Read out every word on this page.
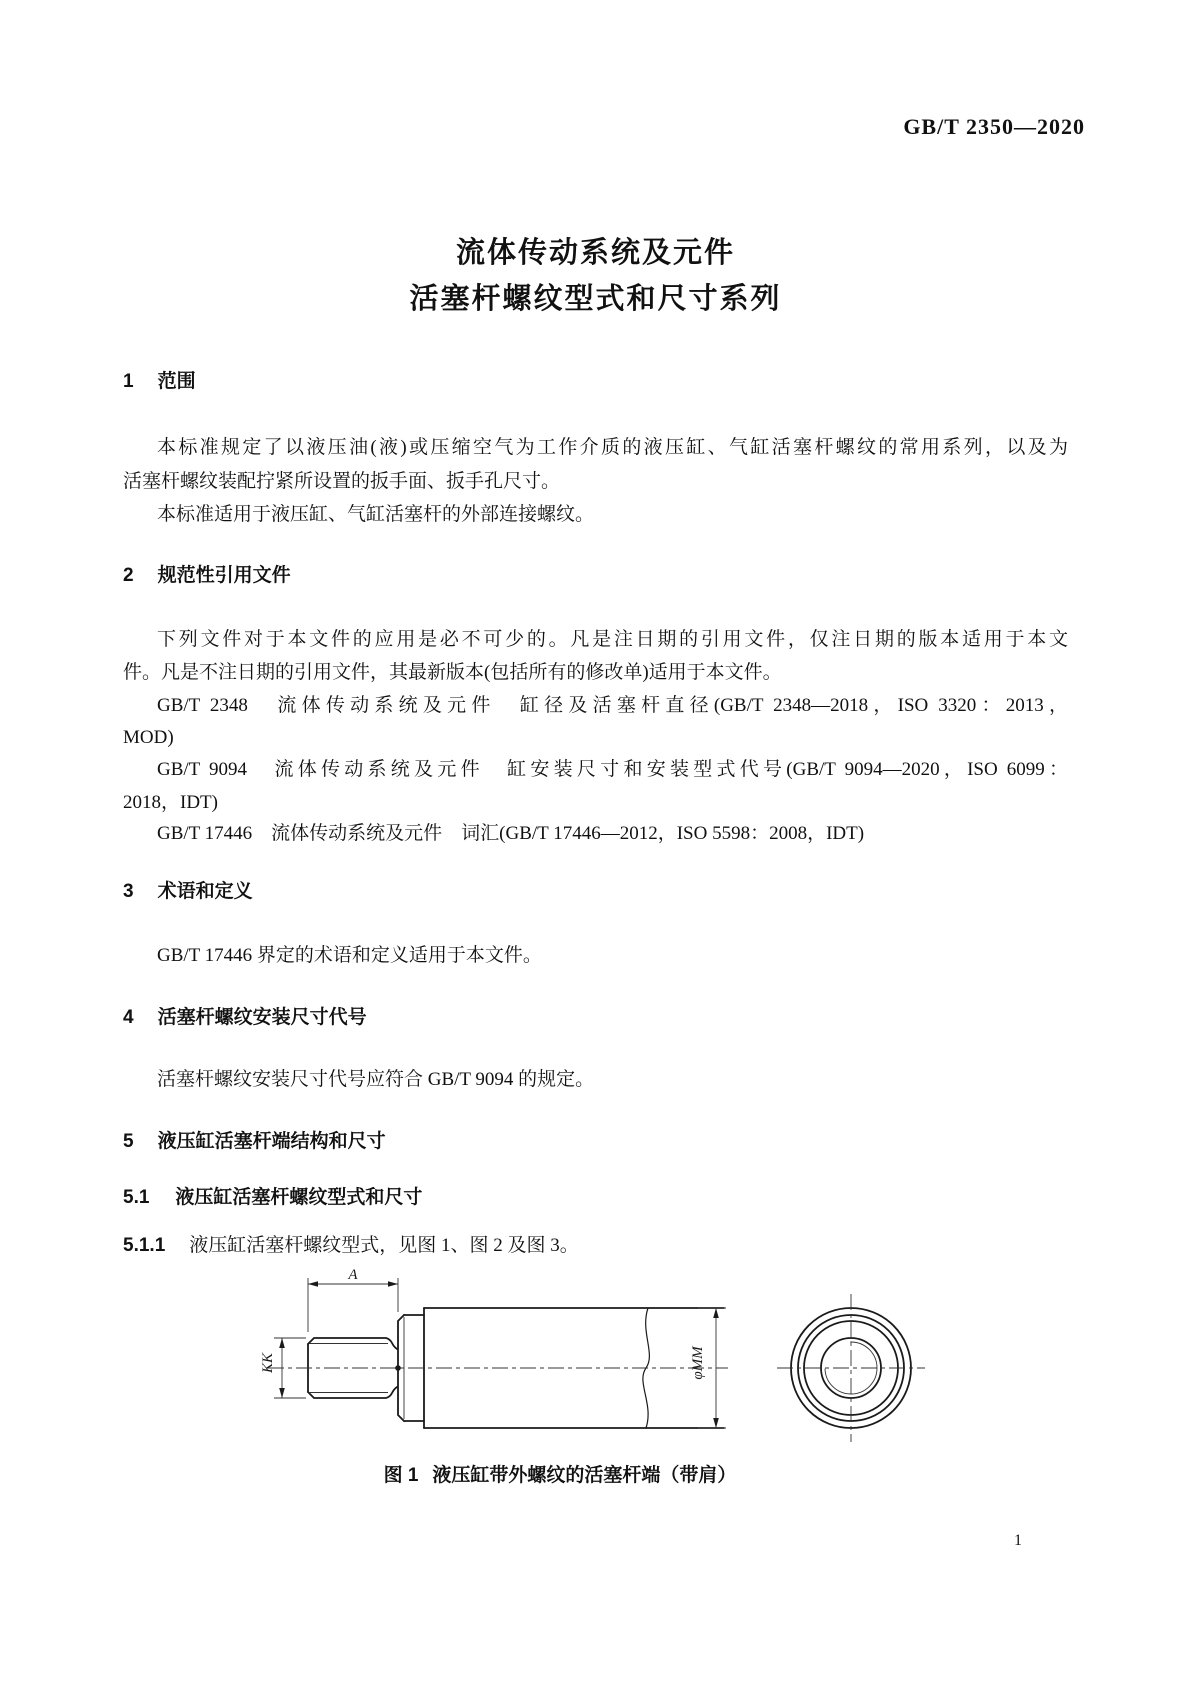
GB/T 2350—2020
流体传动系统及元件
活塞杆螺纹型式和尺寸系列
1 范围
本标准规定了以液压油(液)或压缩空气为工作介质的液压缸、气缸活塞杆螺纹的常用系列，以及为
活塞杆螺纹装配拧紧所设置的扳手面、扳手孔尺寸。
本标准适用于液压缸、气缸活塞杆的外部连接螺纹。
2 规范性引用文件
下列文件对于本文件的应用是必不可少的。凡是注日期的引用文件，仅注日期的版本适用于本文
件。凡是不注日期的引用文件，其最新版本(包括所有的修改单)适用于本文件。
GB/T 2348　流体传动系统及元件　缸径及活塞杆直径(GB/T 2348—2018，ISO 3320：2013，
MOD)
GB/T 9094　流体传动系统及元件　缸安装尺寸和安装型式代号(GB/T 9094—2020，ISO 6099：
2018，IDT)
GB/T 17446　流体传动系统及元件　词汇(GB/T 17446—2012，ISO 5598：2008，IDT)
3 术语和定义
GB/T 17446 界定的术语和定义适用于本文件。
4 活塞杆螺纹安装尺寸代号
活塞杆螺纹安装尺寸代号应符合 GB/T 9094 的规定。
5 液压缸活塞杆端结构和尺寸
5.1 液压缸活塞杆螺纹型式和尺寸
5.1.1 液压缸活塞杆螺纹型式，见图 1、图 2 及图 3。
A
KK	φMM
图 1 液压缸带外螺纹的活塞杆端（带肩）
1
